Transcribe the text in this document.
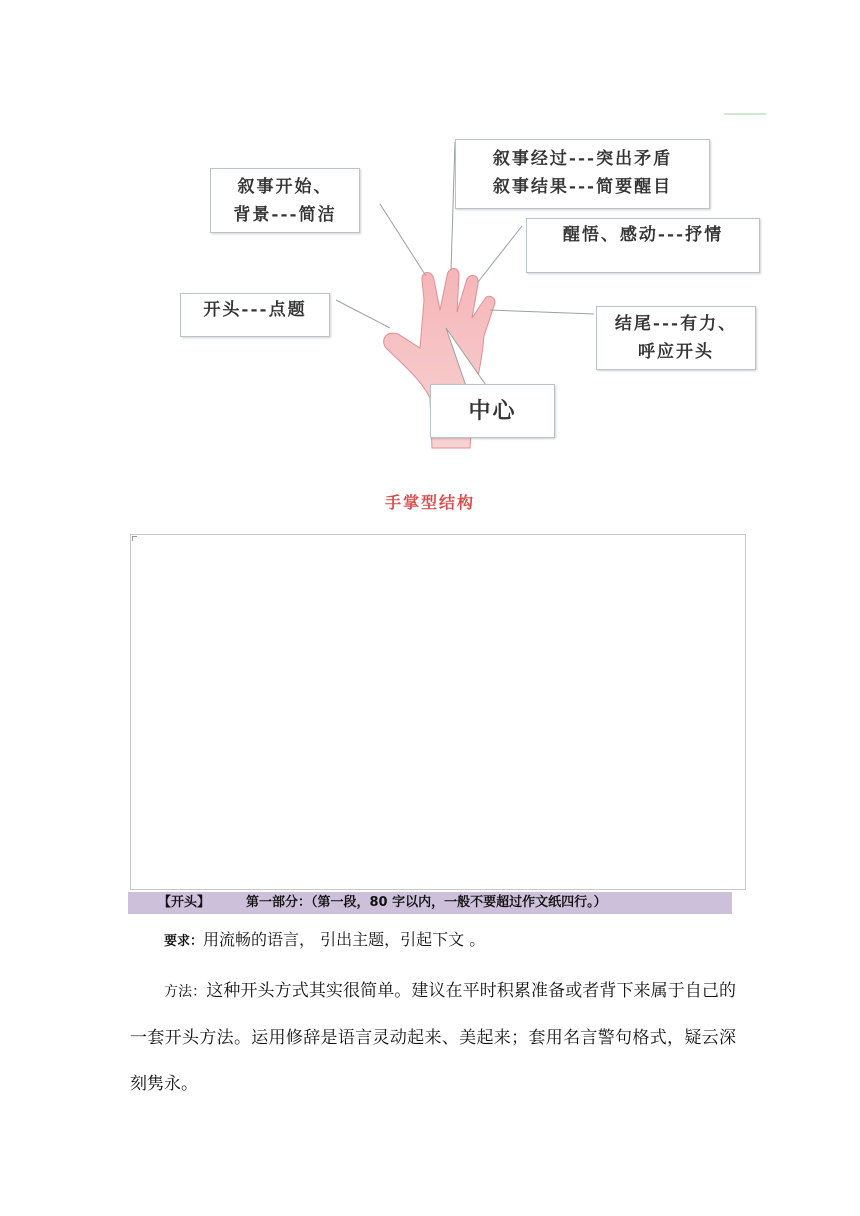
叙事开始、
背景---简洁
叙事经过---突出矛盾
叙事结果---简要醒目
醒悟、感动---抒情
开头---点题
结尾---有力、
呼应开头
中心
手掌型结构
【开头】	第一部分：（第一段，80 字以内，一般不要超过作文纸四行。）
要求：用流畅的语言， 引出主题，引起下文 。
方法：这种开头方式其实很简单。建议在平时积累准备或者背下来属于自己的一套开头方法。运用修辞是语言灵动起来、美起来；套用名言警句格式，疑云深刻隽永。
